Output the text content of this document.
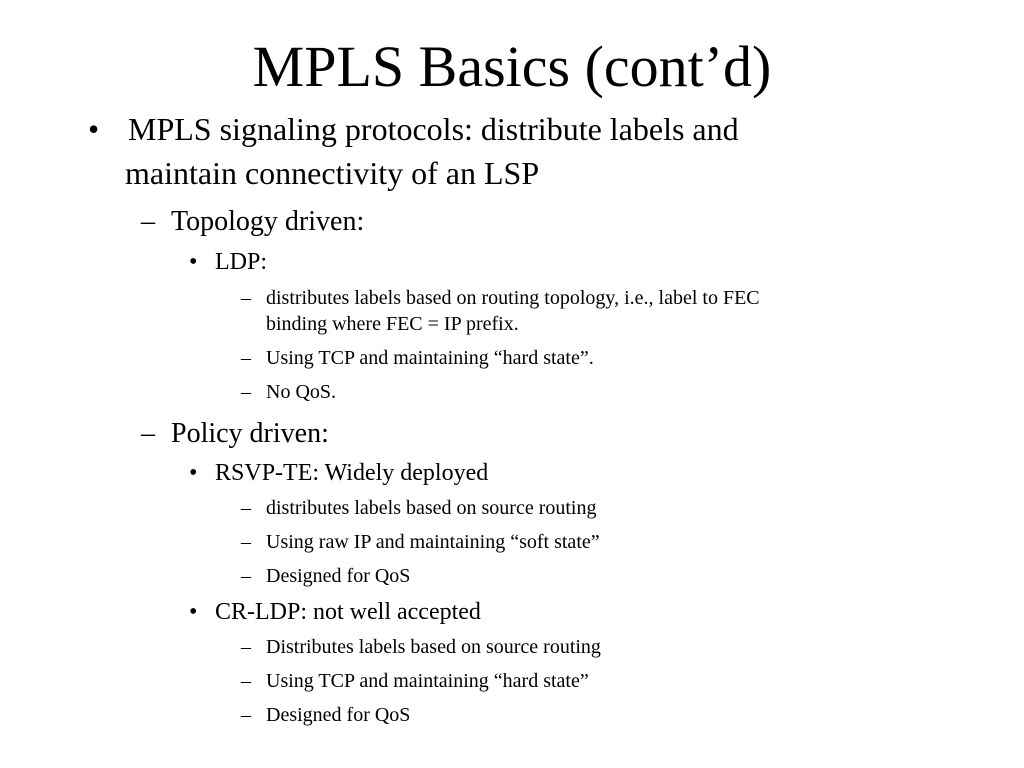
MPLS Basics (cont’d)
• MPLS signaling protocols: distribute labels and
maintain connectivity of an LSP
– Topology driven:
• LDP:
– distributes labels based on routing topology, i.e., label to FEC
binding where FEC = IP prefix.
– Using TCP and maintaining “hard state”.
– No QoS.
– Policy driven:
• RSVP-TE: Widely deployed
– distributes labels based on source routing
– Using raw IP and maintaining “soft state”
– Designed for QoS
• CR-LDP: not well accepted
– Distributes labels based on source routing
– Using TCP and maintaining “hard state”
– Designed for QoS
